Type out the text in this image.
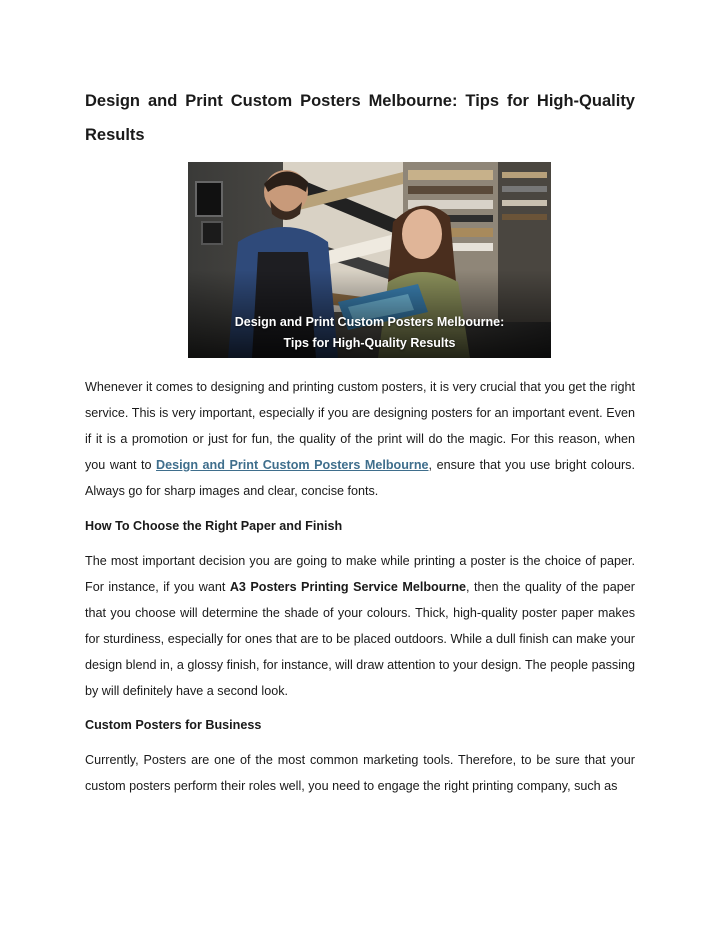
Design and Print Custom Posters Melbourne: Tips for High-Quality Results
Design and Print Custom Posters Melbourne:
Tips for High-Quality Results
Whenever it comes to designing and printing custom posters, it is very crucial that you get the right service. This is very important, especially if you are designing posters for an important event. Even if it is a promotion or just for fun, the quality of the print will do the magic. For this reason, when you want to Design and Print Custom Posters Melbourne, ensure that you use bright colours. Always go for sharp images and clear, concise fonts.
How To Choose the Right Paper and Finish
The most important decision you are going to make while printing a poster is the choice of paper. For instance, if you want A3 Posters Printing Service Melbourne, then the quality of the paper that you choose will determine the shade of your colours. Thick, high-quality poster paper makes for sturdiness, especially for ones that are to be placed outdoors. While a dull finish can make your design blend in, a glossy finish, for instance, will draw attention to your design. The people passing by will definitely have a second look.
Custom Posters for Business
Currently, Posters are one of the most common marketing tools. Therefore, to be sure that your custom posters perform their roles well, you need to engage the right printing company, such as
